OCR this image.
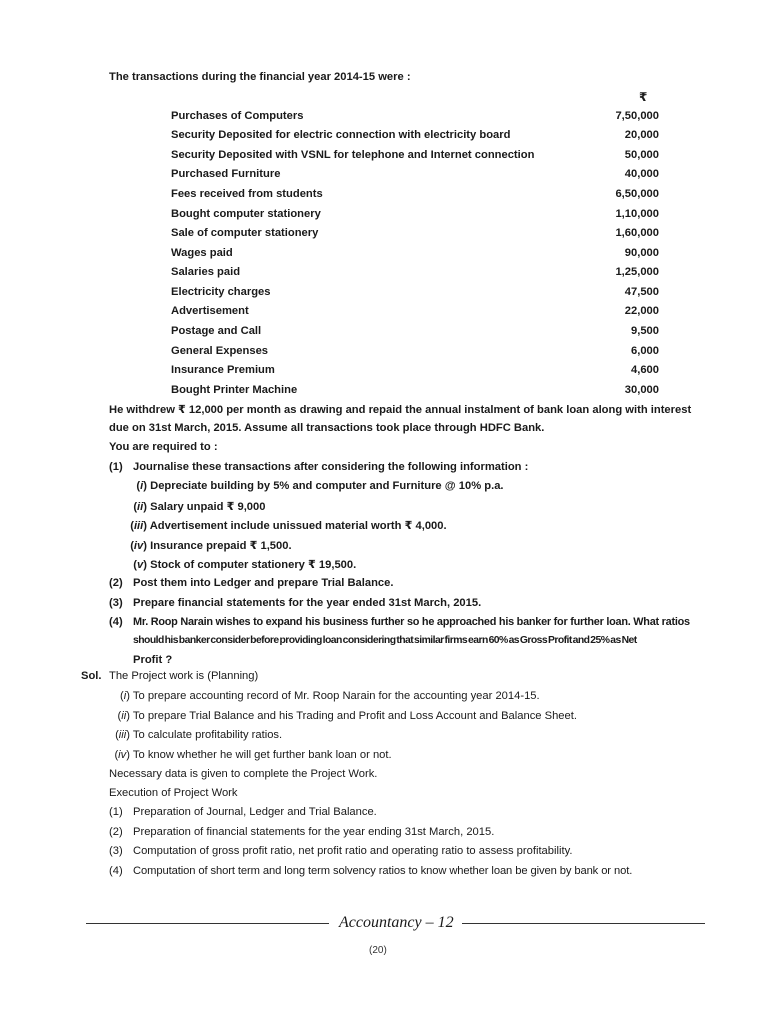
The transactions during the financial year 2014-15 were :
₹
Purchases of Computers	7,50,000
Security Deposited for electric connection with electricity board	20,000
Security Deposited with VSNL for telephone and Internet connection	50,000
Purchased Furniture	40,000
Fees received from students	6,50,000
Bought computer stationery	1,10,000
Sale of computer stationery	1,60,000
Wages paid	90,000
Salaries paid	1,25,000
Electricity charges	47,500
Advertisement	22,000
Postage and Call	9,500
General Expenses	6,000
Insurance Premium	4,600
Bought Printer Machine	30,000
He withdrew ₹ 12,000 per month as drawing and repaid the annual instalment of bank loan along with interest
due on 31st March, 2015. Assume all transactions took place through HDFC Bank.
You are required to :
(1) Journalise these transactions after considering the following information :
(i) Depreciate building by 5% and computer and Furniture @ 10% p.a.
(ii) Salary unpaid ₹ 9,000
(iii) Advertisement include unissued material worth ₹ 4,000.
(iv) Insurance prepaid ₹ 1,500.
(v) Stock of computer stationery ₹ 19,500.
(2) Post them into Ledger and prepare Trial Balance.
(3) Prepare financial statements for the year ended 31st March, 2015.
(4) Mr. Roop Narain wishes to expand his business further so he approached his banker for further loan. What ratios
should his banker consider before providing loan considering that similar firms earn 60% as Gross Profit and 25% as Net
Profit ?
Sol. The Project work is (Planning)
(i) To prepare accounting record of Mr. Roop Narain for the accounting year 2014-15.
(ii) To prepare Trial Balance and his Trading and Profit and Loss Account and Balance Sheet.
(iii) To calculate profitability ratios.
(iv) To know whether he will get further bank loan or not.
Necessary data is given to complete the Project Work.
Execution of Project Work
(1) Preparation of Journal, Ledger and Trial Balance.
(2) Preparation of financial statements for the year ending 31st March, 2015.
(3) Computation of gross profit ratio, net profit ratio and operating ratio to assess profitability.
(4) Computation of short term and long term solvency ratios to know whether loan be given by bank or not.
Accountancy – 12
(20)
